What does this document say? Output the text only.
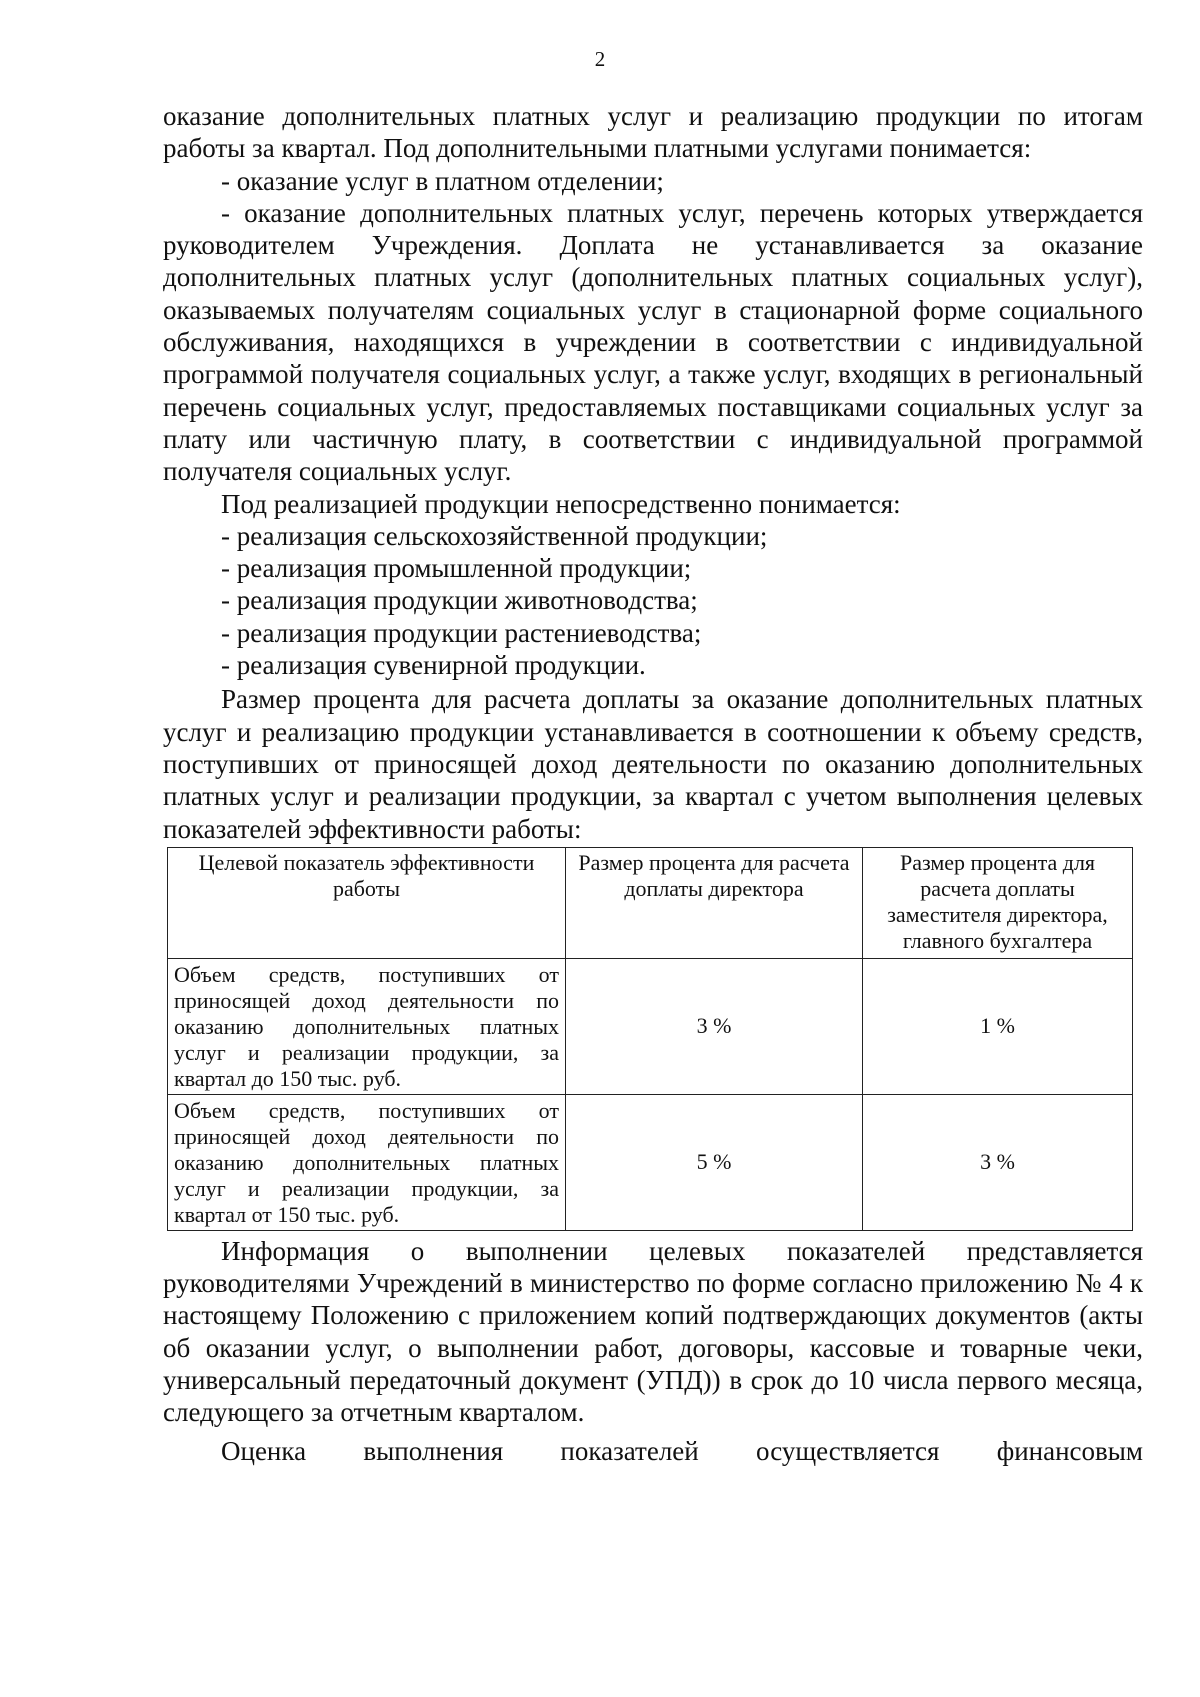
2

оказание дополнительных платных услуг и реализацию продукции по итогам работы за квартал. Под дополнительными платными услугами понимается:

- оказание услуг в платном отделении;

- оказание дополнительных платных услуг, перечень которых утверждается руководителем Учреждения. Доплата не устанавливается за оказание дополнительных платных услуг (дополнительных платных социальных услуг), оказываемых получателям социальных услуг в стационарной форме социального обслуживания, находящихся в учреждении в соответствии с индивидуальной программой получателя социальных услуг, а также услуг, входящих в региональный перечень социальных услуг, предоставляемых поставщиками социальных услуг за плату или частичную плату, в соответствии с индивидуальной программой получателя социальных услуг.

Под реализацией продукции непосредственно понимается:

- реализация сельскохозяйственной продукции;

- реализация промышленной продукции;

- реализация продукции животноводства;

- реализация продукции растениеводства;

- реализация сувенирной продукции.

Размер процента для расчета доплаты за оказание дополнительных платных услуг и реализацию продукции устанавливается в соотношении к объему средств, поступивших от приносящей доход деятельности по оказанию дополнительных платных услуг и реализации продукции, за квартал с учетом выполнения целевых показателей эффективности работы:

Целевой показатель эффективности работы	Размер процента для расчета доплаты директора	Размер процента для расчета доплаты заместителя директора, главного бухгалтера
Объем средств, поступивших от приносящей доход деятельности по оказанию дополнительных платных услуг и реализации продукции, за квартал до 150 тыс. руб.	3 %	1 %
Объем средств, поступивших от приносящей доход деятельности по оказанию дополнительных платных услуг и реализации продукции, за квартал от 150 тыс. руб.	5 %	3 %

Информация о выполнении целевых показателей представляется руководителями Учреждений в министерство по форме согласно приложению № 4 к настоящему Положению с приложением копий подтверждающих документов (акты об оказании услуг, о выполнении работ, договоры, кассовые и товарные чеки, универсальный передаточный документ (УПД)) в срок до 10 числа первого месяца, следующего за отчетным кварталом.

Оценка выполнения показателей осуществляется финансовым
